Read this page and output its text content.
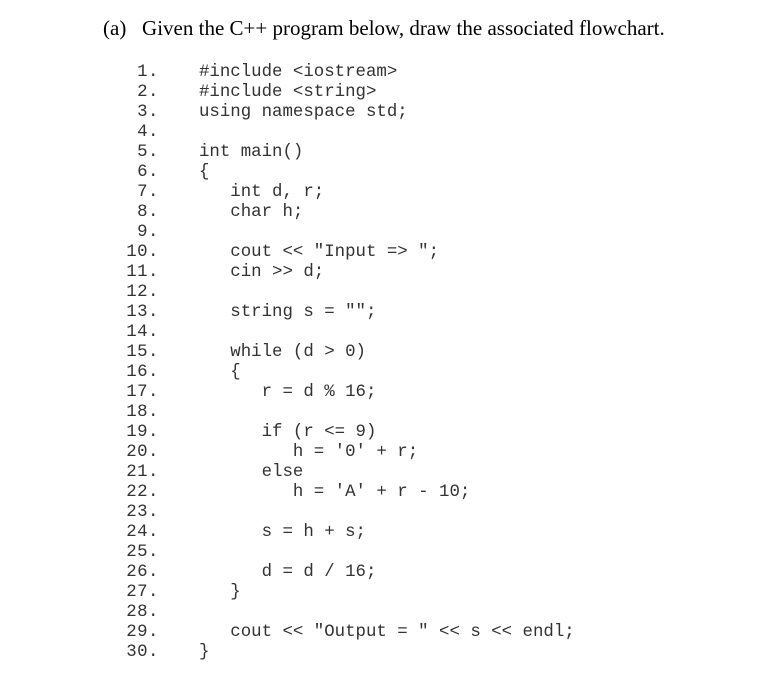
(a)   Given the C++ program below, draw the associated flowchart.
1. #include <iostream>
2. #include <string>
3. using namespace std;
4.
5. int main()
6. {
7. int d, r;
8. char h;
9.
10. cout << "Input => ";
11. cin >> d;
12.
13. string s = "";
14.
15. while (d > 0)
16. {
17. r = d % 16;
18.
19. if (r <= 9)
20. h = '0' + r;
21. else
22. h = 'A' + r - 10;
23.
24. s = h + s;
25.
26. d = d / 16;
27. }
28.
29. cout << "Output = " << s << endl;
30. }
